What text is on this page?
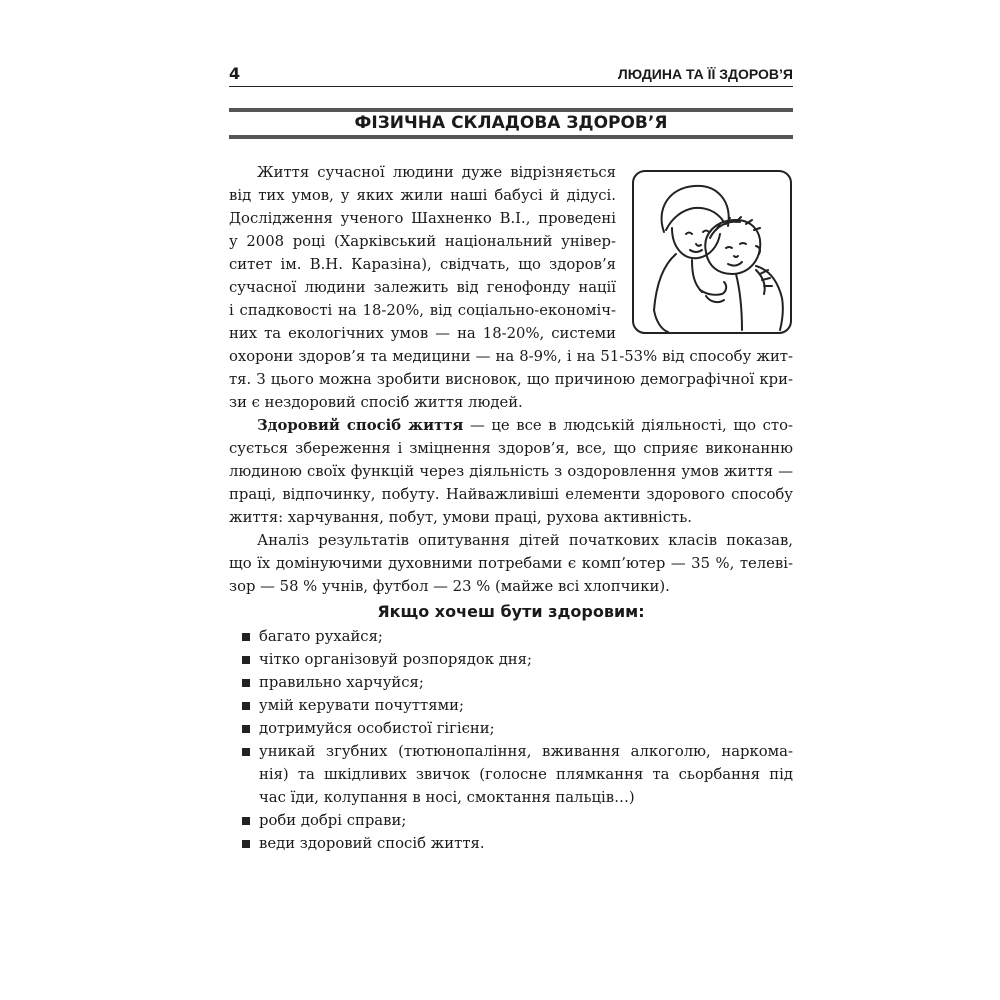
4	ЛЮДИНА ТА ЇЇ ЗДОРОВ’Я
ФІЗИЧНА СКЛАДОВА ЗДОРОВ’Я
Життя сучасної людини дуже відрізняється
від тих умов, у яких жили наші бабусі й дідусі.
Дослідження ученого Шахненко В.І., проведені
у 2008 році (Харківський національний універ-
ситет ім. В.Н. Каразіна), свідчать, що здоров’я
сучасної людини залежить від генофонду нації
і спадковості на 18-20%, від соціально-економіч-
них та екологічних умов — на 18-20%, системи
охорони здоров’я та медицини — на 8-9%, і на 51-53% від способу жит-
тя. З цього можна зробити висновок, що причиною демографічної кри-
зи є нездоровий спосіб життя людей.
Здоровий спосіб життя — це все в людській діяльності, що сто-
сується збереження і зміцнення здоров’я, все, що сприяє виконанню
людиною своїх функцій через діяльність з оздоровлення умов життя —
праці, відпочинку, побуту. Найважливіші елементи здорового способу
життя: харчування, побут, умови праці, рухова активність.
Аналіз результатів опитування дітей початкових класів показав,
що їх домінуючими духовними потребами є комп’ютер — 35 %, телеві-
зор — 58 % учнів, футбол — 23 % (майже всі хлопчики).
Якщо хочеш бути здоровим:
багато рухайся;
чітко організовуй розпорядок дня;
правильно харчуйся;
умій керувати почуттями;
дотримуйся особистої гігієни;
уникай згубних (тютюнопаління, вживання алкоголю, наркома-
нія) та шкідливих звичок (голосне плямкання та сьорбання під
час їди, колупання в носі, смоктання пальців…)
роби добрі справи;
веди здоровий спосіб життя.
